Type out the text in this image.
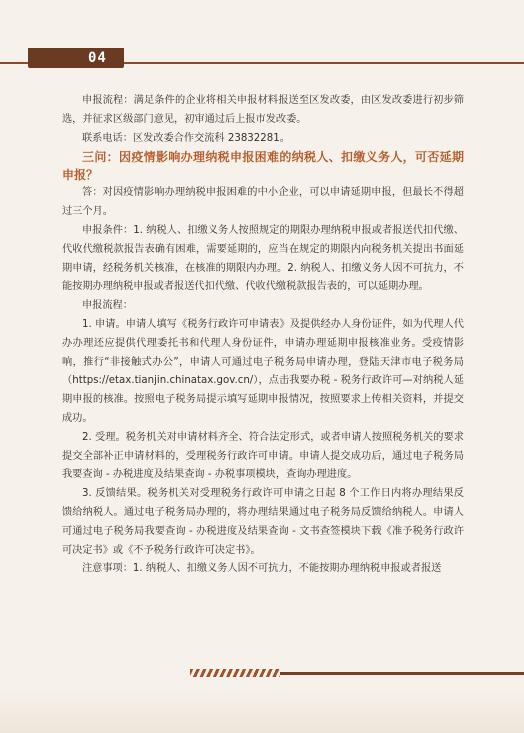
04

申报流程：满足条件的企业将相关申报材料报送至区发改委，由区发改委进行初步筛选，并征求区级部门意见，初审通过后上报市发改委。

联系电话：区发改委合作交流科 23832281。

三问：因疫情影响办理纳税申报困难的纳税人、扣缴义务人，可否延期申报？

答：对因疫情影响办理纳税申报困难的中小企业，可以申请延期申报，但最长不得超过三个月。

申报条件：1. 纳税人、扣缴义务人按照规定的期限办理纳税申报或者报送代扣代缴、代收代缴税款报告表确有困难，需要延期的，应当在规定的期限内向税务机关提出书面延期申请，经税务机关核准，在核准的期限内办理。2. 纳税人、扣缴义务人因不可抗力，不能按期办理纳税申报或者报送代扣代缴、代收代缴税款报告表的，可以延期办理。

申报流程：

1. 申请。申请人填写《税务行政许可申请表》及提供经办人身份证件，如为代理人代办办理还应提供代理委托书和代理人身份证件，申请办理延期申报核准业务。受疫情影响，推行“非接触式办公”，申请人可通过电子税务局申请办理，登陆天津市电子税务局（https://etax.tianjin.chinatax.gov.cn/），点击我要办税 - 税务行政许可—对纳税人延期申报的核准。按照电子税务局提示填写延期申报情况，按照要求上传相关资料，并提交成功。

2. 受理。税务机关对申请材料齐全、符合法定形式，或者申请人按照税务机关的要求提交全部补正申请材料的，受理税务行政许可申请。申请人提交成功后，通过电子税务局我要查询 - 办税进度及结果查询 - 办税事项模块，查询办理进度。

3. 反馈结果。税务机关对受理税务行政许可申请之日起 8 个工作日内将办理结果反馈给纳税人。通过电子税务局办理的，将办理结果通过电子税务局反馈给纳税人。申请人可通过电子税务局我要查询 - 办税进度及结果查询 - 文书查签模块下载《准予税务行政许可决定书》或《不予税务行政许可决定书》。

注意事项：1. 纳税人、扣缴义务人因不可抗力，不能按期办理纳税申报或者报送
